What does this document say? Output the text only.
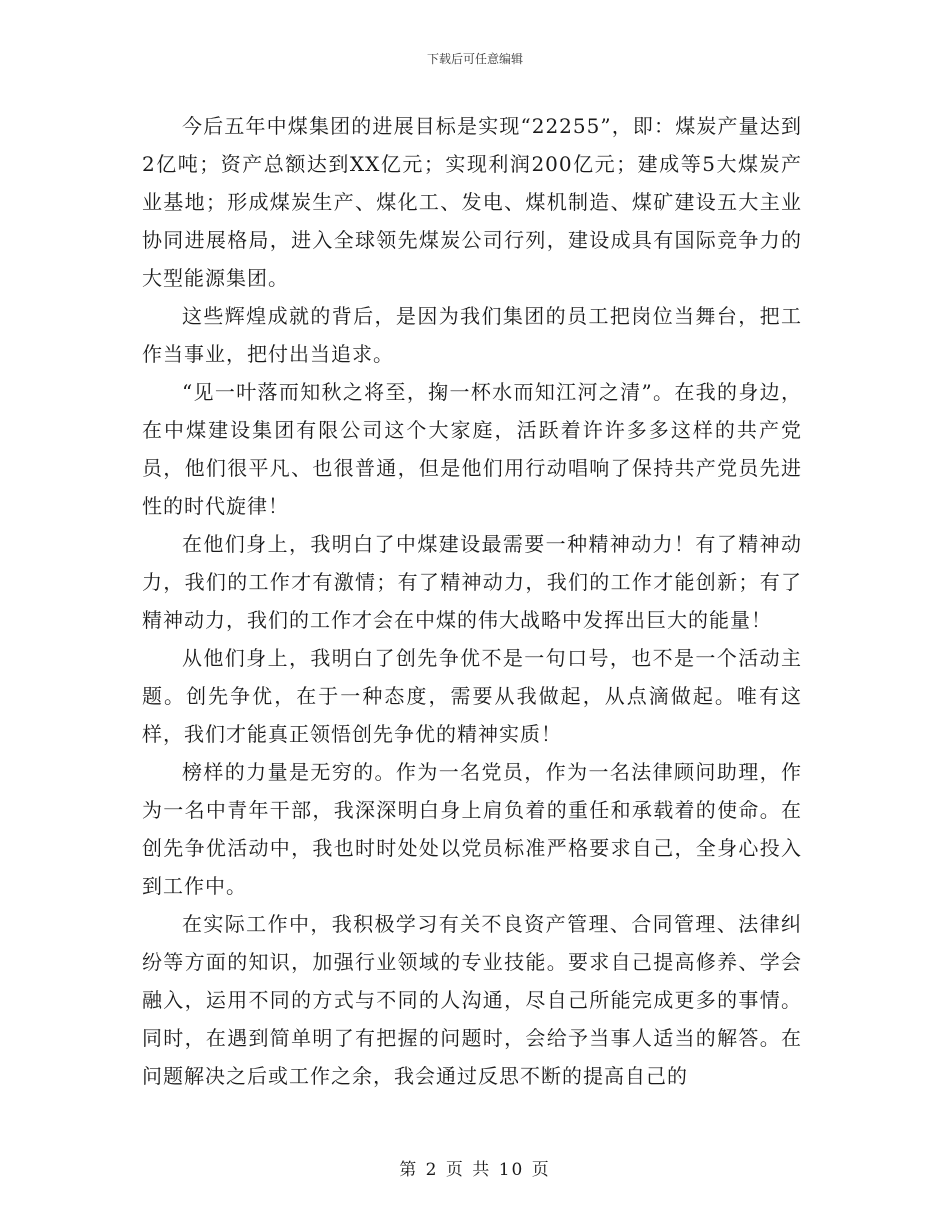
下载后可任意编辑

今后五年中煤集团的进展目标是实现“22255”，即：煤炭产量达到2亿吨；资产总额达到XX亿元；实现利润200亿元；建成等5大煤炭产业基地；形成煤炭生产、煤化工、发电、煤机制造、煤矿建设五大主业协同进展格局，进入全球领先煤炭公司行列，建设成具有国际竞争力的大型能源集团。

这些辉煌成就的背后，是因为我们集团的员工把岗位当舞台，把工作当事业，把付出当追求。

“见一叶落而知秋之将至，掬一杯水而知江河之清”。在我的身边，在中煤建设集团有限公司这个大家庭，活跃着许许多多这样的共产党员，他们很平凡、也很普通，但是他们用行动唱响了保持共产党员先进性的时代旋律！

在他们身上，我明白了中煤建设最需要一种精神动力！有了精神动力，我们的工作才有激情；有了精神动力，我们的工作才能创新；有了精神动力，我们的工作才会在中煤的伟大战略中发挥出巨大的能量！

从他们身上，我明白了创先争优不是一句口号，也不是一个活动主题。创先争优，在于一种态度，需要从我做起，从点滴做起。唯有这样，我们才能真正领悟创先争优的精神实质！

榜样的力量是无穷的。作为一名党员，作为一名法律顾问助理，作为一名中青年干部，我深深明白身上肩负着的重任和承载着的使命。在创先争优活动中，我也时时处处以党员标准严格要求自己，全身心投入到工作中。

在实际工作中，我积极学习有关不良资产管理、合同管理、法律纠纷等方面的知识，加强行业领域的专业技能。要求自己提高修养、学会融入，运用不同的方式与不同的人沟通，尽自己所能完成更多的事情。同时，在遇到简单明了有把握的问题时，会给予当事人适当的解答。在问题解决之后或工作之余，我会通过反思不断的提高自己的

第 2 页 共 10 页
